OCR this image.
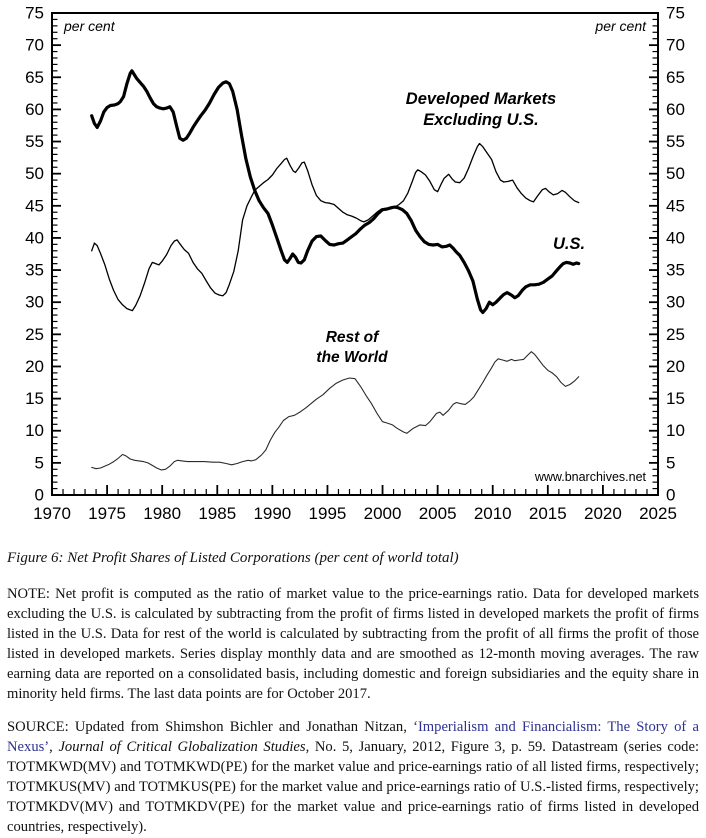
1970 1975 1980 1985 1990 1995 2000 2005 2010 2015 2020 2025
0	0
5	5
10	10
15	15
20	20
25	25
30	30
35	35
40	40
45	45
50	50
55	55
60	60
65	65
70	70
75	75
per cent	per cent
Developed Markets
Excluding U.S.
U.S.
Rest of
the World
www.bnarchives.net

Figure 6: Net Profit Shares of Listed Corporations (per cent of world total)

NOTE: Net profit is computed as the ratio of market value to the price-earnings ratio. Data for developed markets excluding the U.S. is calculated by subtracting from the profit of firms listed in developed markets the profit of firms listed in the U.S. Data for rest of the world is calculated by subtracting from the profit of all firms the profit of those listed in developed markets. Series display monthly data and are smoothed as 12-month moving averages. The raw earning data are reported on a consolidated basis, including domestic and foreign subsidiaries and the equity share in minority held firms. The last data points are for October 2017.

SOURCE: Updated from Shimshon Bichler and Jonathan Nitzan, ‘Imperialism and Financialism: The Story of a Nexus’, Journal of Critical Globalization Studies, No. 5, January, 2012, Figure 3, p. 59. Datastream (series code: TOTMKWD(MV) and TOTMKWD(PE) for the market value and price-earnings ratio of all listed firms, respectively; TOTMKUS(MV) and TOTMKUS(PE) for the market value and price-earnings ratio of U.S.-listed firms, respectively; TOTMKDV(MV) and TOTMKDV(PE) for the market value and price-earnings ratio of firms listed in developed countries, respectively).
